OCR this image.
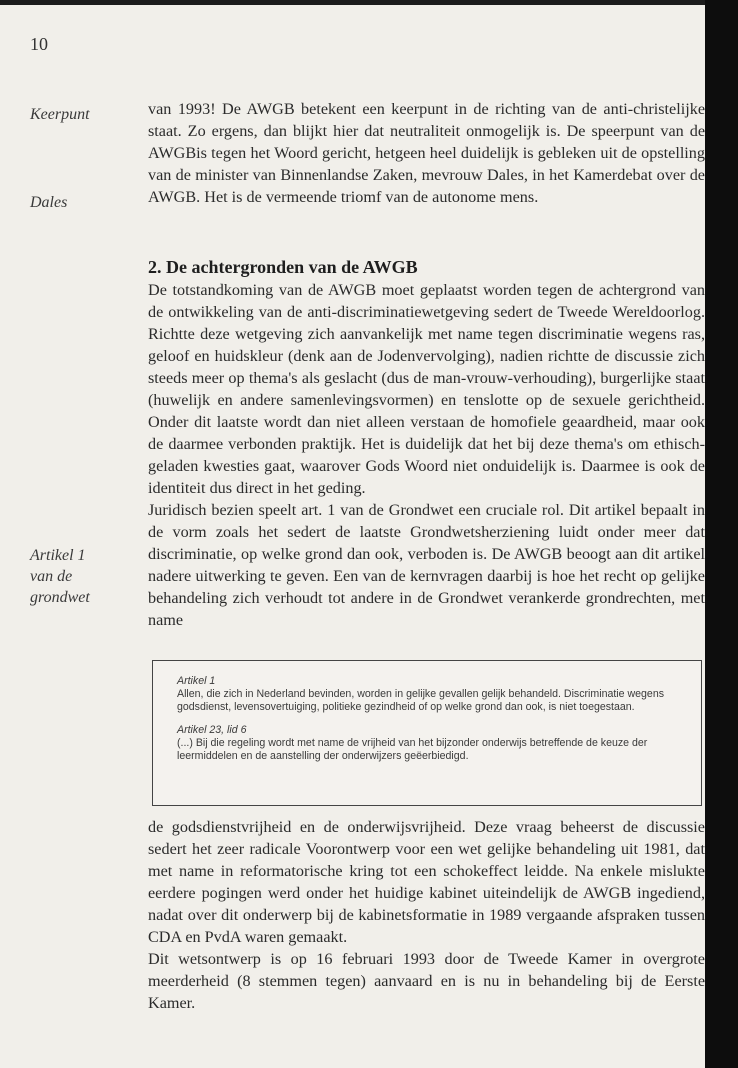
10
Keerpunt
Dales
Artikel 1
van de
grondwet

van 1993! De AWGB betekent een keerpunt in de richting van de anti-christelijke staat. Zo ergens, dan blijkt hier dat neutraliteit onmogelijk is. De speerpunt van de AWGBis tegen het Woord gericht, hetgeen heel duidelijk is gebleken uit de opstelling van de minister van Binnenlandse Zaken, mevrouw Dales, in het Kamerdebat over de AWGB. Het is de vermeende triomf van de autonome mens.

2. De achtergronden van de AWGB

De totstandkoming van de AWGB moet geplaatst worden tegen de achtergrond van de ontwikkeling van de anti-discriminatiewetgeving sedert de Tweede Wereldoorlog. Richtte deze wetgeving zich aanvankelijk met name tegen discriminatie wegens ras, geloof en huidskleur (denk aan de Jodenvervolging), nadien richtte de discussie zich steeds meer op thema's als geslacht (dus de man-vrouw-verhouding), burgerlijke staat (huwelijk en andere samenlevingsvormen) en tenslotte op de sexuele gerichtheid. Onder dit laatste wordt dan niet alleen verstaan de homofiele geaardheid, maar ook de daarmee verbonden praktijk. Het is duidelijk dat het bij deze thema's om ethisch-geladen kwesties gaat, waarover Gods Woord niet onduidelijk is. Daarmee is ook de identiteit dus direct in het geding.

Juridisch bezien speelt art. 1 van de Grondwet een cruciale rol. Dit artikel bepaalt in de vorm zoals het sedert de laatste Grondwetsherziening luidt onder meer dat discriminatie, op welke grond dan ook, verboden is. De AWGB beoogt aan dit artikel nadere uitwerking te geven. Een van de kernvragen daarbij is hoe het recht op gelijke behandeling zich verhoudt tot andere in de Grondwet verankerde grondrechten, met name

Artikel 1

Allen, die zich in Nederland bevinden, worden in gelijke gevallen gelijk behandeld. Discriminatie wegens godsdienst, levensovertuiging, politieke gezindheid of op welke grond dan ook, is niet toegestaan.

Artikel 23, lid 6

(...) Bij die regeling wordt met name de vrijheid van het bijzonder onderwijs betreffende de keuze der leermiddelen en de aanstelling der onderwijzers geëerbiedigd.

de godsdienstvrijheid en de onderwijsvrijheid. Deze vraag beheerst de discussie sedert het zeer radicale Voorontwerp voor een wet gelijke behandeling uit 1981, dat met name in reformatorische kring tot een schokeffect leidde. Na enkele mislukte eerdere pogingen werd onder het huidige kabinet uiteindelijk de AWGB ingediend, nadat over dit onderwerp bij de kabinetsformatie in 1989 vergaande afspraken tussen CDA en PvdA waren gemaakt.

Dit wetsontwerp is op 16 februari 1993 door de Tweede Kamer in overgrote meerderheid (8 stemmen tegen) aanvaard en is nu in behandeling bij de Eerste Kamer.
